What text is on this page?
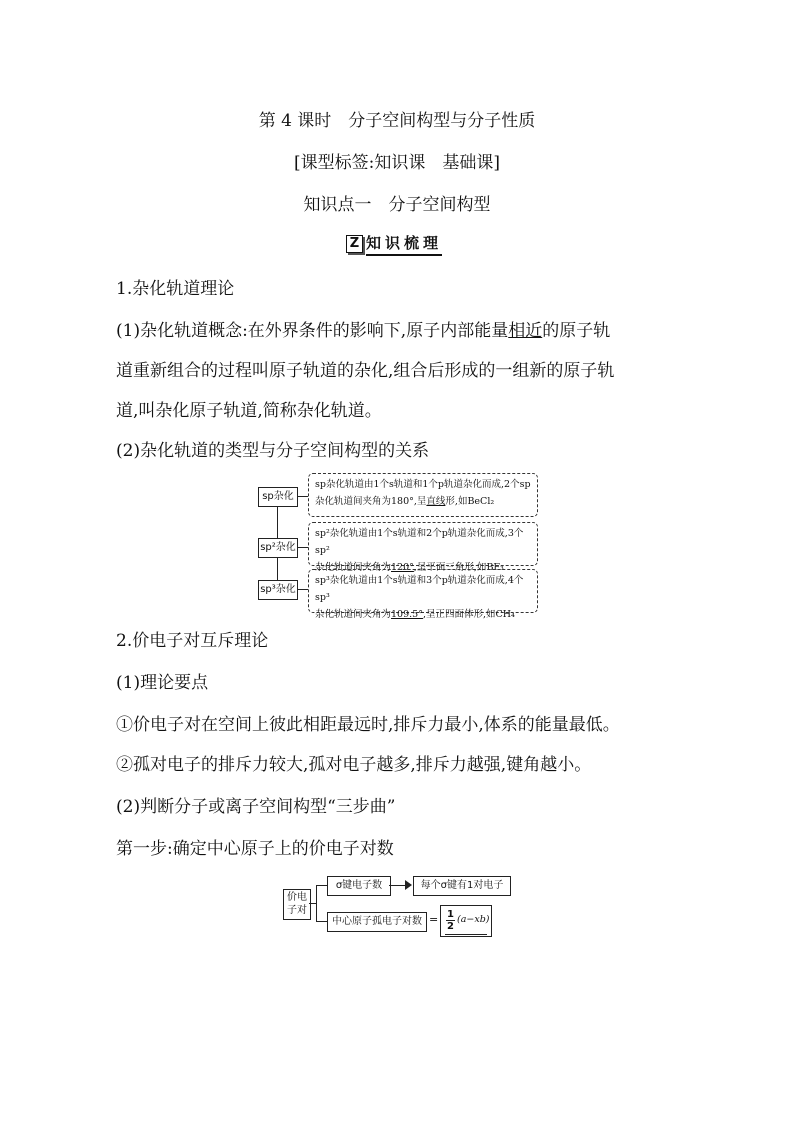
第 4 课时　分子空间构型与分子性质
[课型标签:知识课　基础课]
知识点一　分子空间构型
Z 知识梳理
1.杂化轨道理论
(1)杂化轨道概念:在外界条件的影响下,原子内部能量相近的原子轨
道重新组合的过程叫原子轨道的杂化,组合后形成的一组新的原子轨
道,叫杂化原子轨道,简称杂化轨道。
(2)杂化轨道的类型与分子空间构型的关系
sp杂化
sp²杂化
sp³杂化
sp杂化轨道由1个s轨道和1个p轨道杂化而成,2个sp
杂化轨道间夹角为180°,呈直线形,如BeCl₂
sp²杂化轨道由1个s轨道和2个p轨道杂化而成,3个sp²
杂化轨道间夹角为120°,呈平面三角形,如BF₃
sp³杂化轨道由1个s轨道和3个p轨道杂化而成,4个sp³
杂化轨道间夹角为109.5°,呈正四面体形,如CH₄
2.价电子对互斥理论
(1)理论要点
①价电子对在空间上彼此相距最远时,排斥力最小,体系的能量最低。
②孤对电子的排斥力较大,孤对电子越多,排斥力越强,键角越小。
(2)判断分子或离子空间构型“三步曲”
第一步:确定中心原子上的价电子对数
价电子对
σ键电子数	每个σ键有1对电子
中心原子孤电子对数 = 1
2
(a−xb)
